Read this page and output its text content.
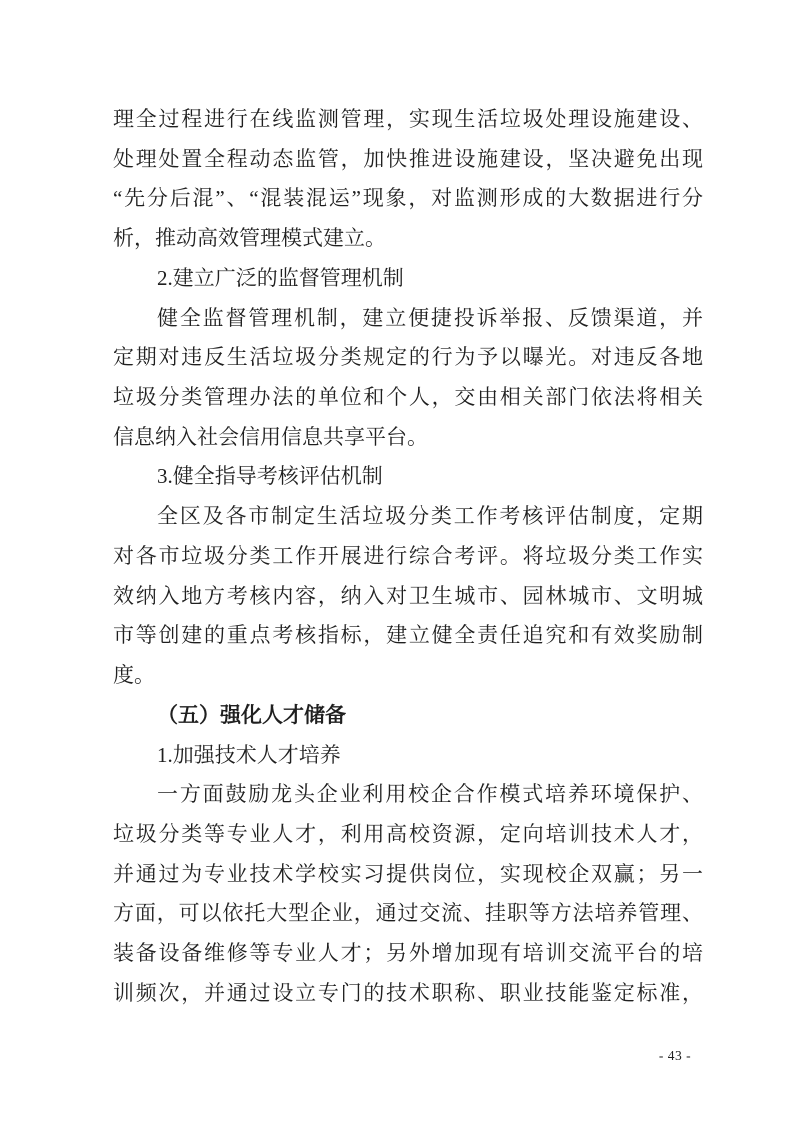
理全过程进行在线监测管理，实现生活垃圾处理设施建设、
处理处置全程动态监管，加快推进设施建设，坚决避免出现
“先分后混”、“混装混运”现象，对监测形成的大数据进行分
析，推动高效管理模式建立。
2.建立广泛的监督管理机制
健全监督管理机制，建立便捷投诉举报、反馈渠道，并
定期对违反生活垃圾分类规定的行为予以曝光。对违反各地
垃圾分类管理办法的单位和个人，交由相关部门依法将相关
信息纳入社会信用信息共享平台。
3.健全指导考核评估机制
全区及各市制定生活垃圾分类工作考核评估制度，定期
对各市垃圾分类工作开展进行综合考评。将垃圾分类工作实
效纳入地方考核内容，纳入对卫生城市、园林城市、文明城
市等创建的重点考核指标，建立健全责任追究和有效奖励制
度。
（五）强化人才储备
1.加强技术人才培养
一方面鼓励龙头企业利用校企合作模式培养环境保护、
垃圾分类等专业人才，利用高校资源，定向培训技术人才，
并通过为专业技术学校实习提供岗位，实现校企双赢；另一
方面，可以依托大型企业，通过交流、挂职等方法培养管理、
装备设备维修等专业人才；另外增加现有培训交流平台的培
训频次，并通过设立专门的技术职称、职业技能鉴定标准，
- 43 -
